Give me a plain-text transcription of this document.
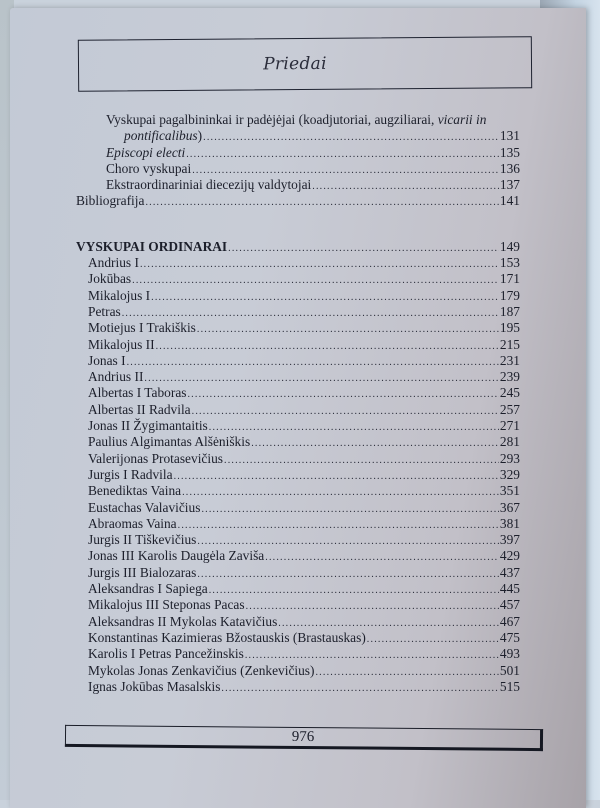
Priedai
Vyskupai pagalbininkai ir padėjėjai (koadjutoriai, augziliarai, vicarii in
pontificalibus) .....	131
Episcopi electi .....	135
Choro vyskupai .....	136
Ekstraordinariniai diecezijų valdytojai .....	137
Bibliografija .....	141
VYSKUPAI ORDINARAI .....	149
Andrius I .....	153
Jokūbas .....	171
Mikalojus I .....	179
Petras .....	187
Motiejus I Trakiškis .....	195
Mikalojus II .....	215
Jonas I .....	231
Andrius II .....	239
Albertas I Taboras .....	245
Albertas II Radvila .....	257
Jonas II Žygimantaitis .....	271
Paulius Algimantas Alšėniškis .....	281
Valerijonas Protasevičius .....	293
Jurgis I Radvila .....	329
Benediktas Vaina .....	351
Eustachas Valavičius .....	367
Abraomas Vaina .....	381
Jurgis II Tiškevičius .....	397
Jonas III Karolis Daugėla Zaviša .....	429
Jurgis III Bialozaras .....	437
Aleksandras I Sapiega .....	445
Mikalojus III Steponas Pacas .....	457
Aleksandras II Mykolas Katavičius .....	467
Konstantinas Kazimieras Bžostauskis (Brastauskas) .....	475
Karolis I Petras Pancežinskis .....	493
Mykolas Jonas Zenkavičius (Zenkevičius) .....	501
Ignas Jokūbas Masalskis .....	515
976
